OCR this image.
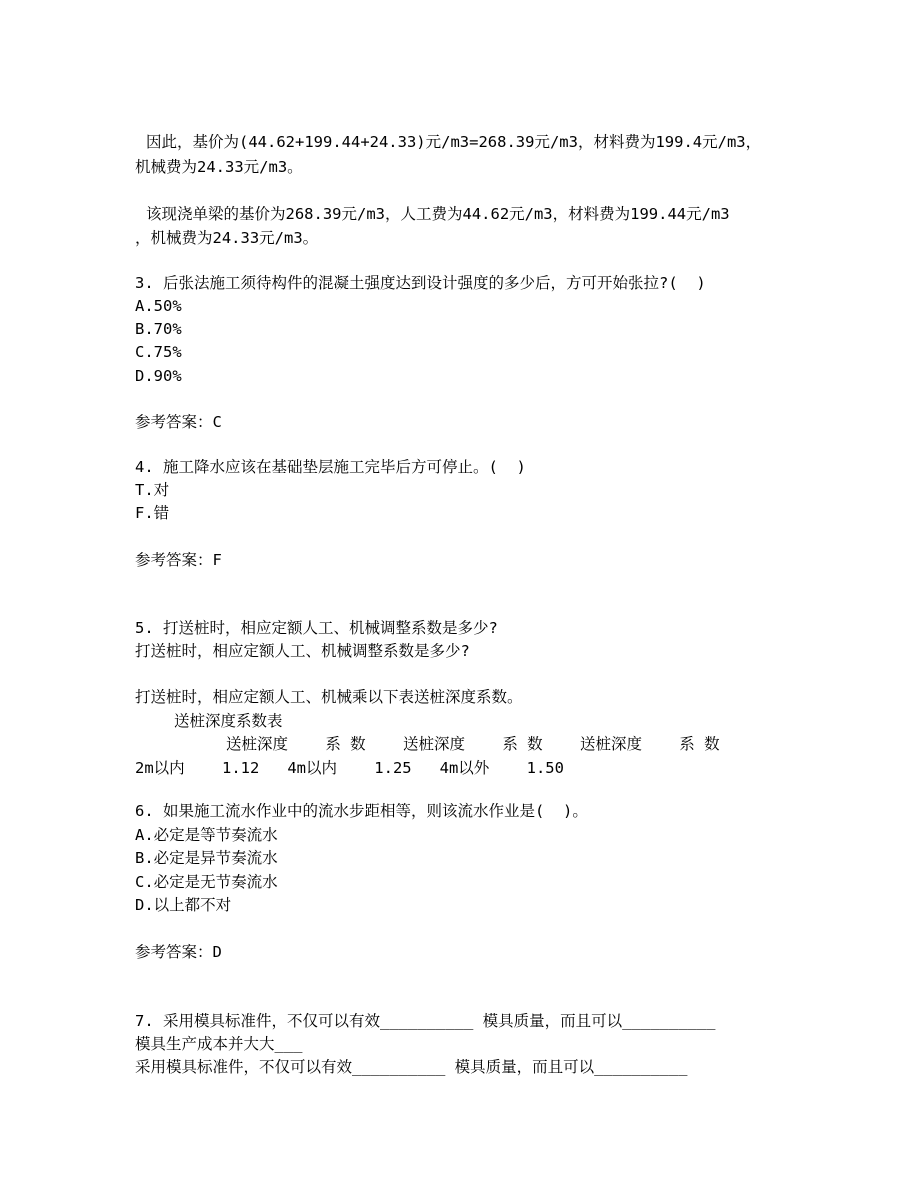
因此，基价为(44.62+199.44+24.33)元/m3=268.39元/m3，材料费为199.4元/m3，
机械费为24.33元/m3。
该现浇单梁的基价为268.39元/m3，人工费为44.62元/m3，材料费为199.44元/m3
，机械费为24.33元/m3。
3. 后张法施工须待构件的混凝土强度达到设计强度的多少后，方可开始张拉?(  )
A.50%
B.70%
C.75%
D.90%
参考答案：C
4. 施工降水应该在基础垫层施工完毕后方可停止。(  )
T.对
F.错
参考答案：F
5. 打送桩时，相应定额人工、机械调整系数是多少?
打送桩时，相应定额人工、机械调整系数是多少?
打送桩时，相应定额人工、机械乘以下表送桩深度系数。
送桩深度系数表
送桩深度    系 数    送桩深度    系 数    送桩深度    系 数
2m以内    1.12   4m以内    1.25   4m以外    1.50
6. 如果施工流水作业中的流水步距相等，则该流水作业是(  )。
A.必定是等节奏流水
B.必定是异节奏流水
C.必定是无节奏流水
D.以上都不对
参考答案：D
7. 采用模具标准件，不仅可以有效__________ 模具质量，而且可以__________
模具生产成本并大大___
采用模具标准件，不仅可以有效__________ 模具质量，而且可以__________
